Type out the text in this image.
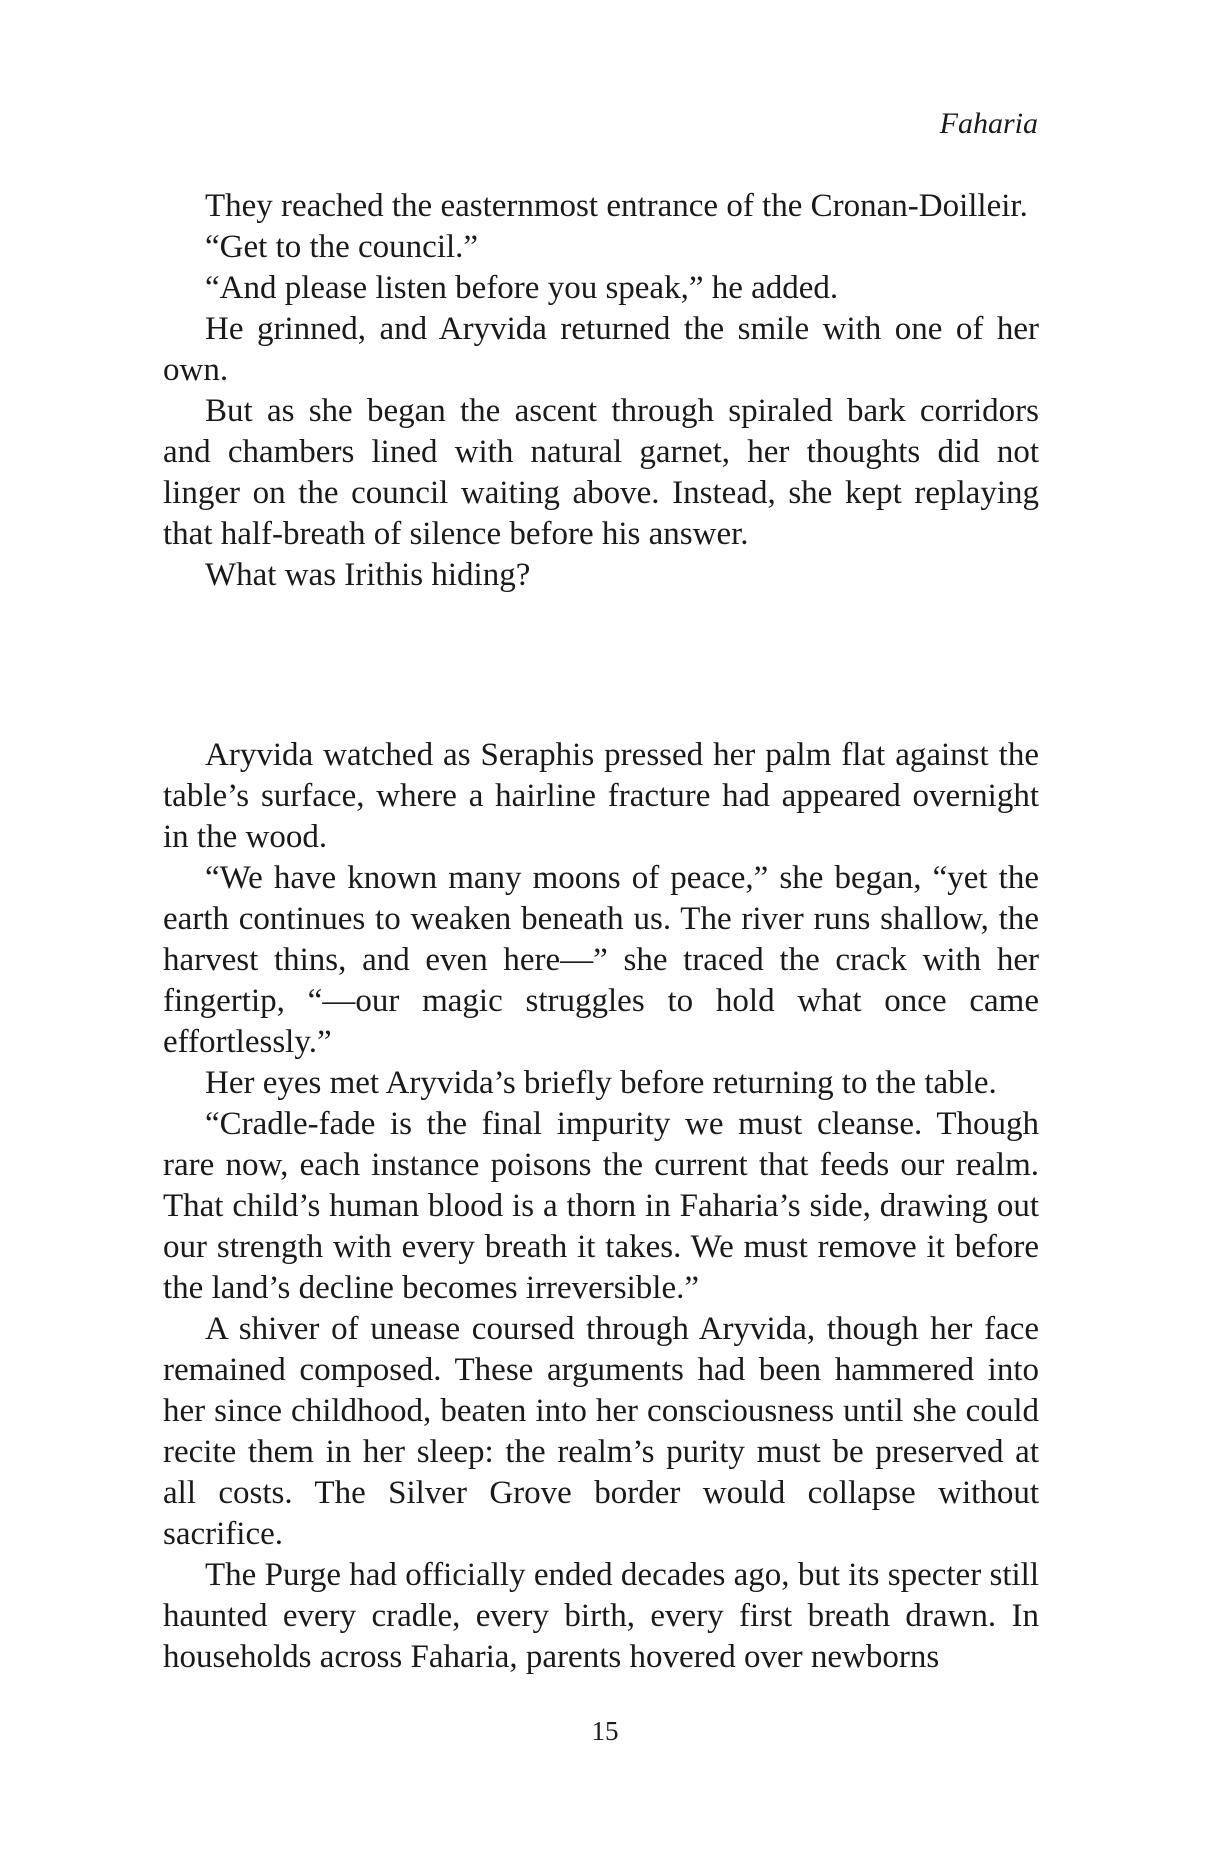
Faharia

They reached the easternmost entrance of the Cronan-Doilleir.

“Get to the council.”

“And please listen before you speak,” he added.

He grinned, and Aryvida returned the smile with one of her own.

But as she began the ascent through spiraled bark corridors and chambers lined with natural garnet, her thoughts did not linger on the council waiting above. Instead, she kept replaying that half-breath of silence before his answer.

What was Irithis hiding?

Aryvida watched as Seraphis pressed her palm flat against the table’s surface, where a hairline fracture had appeared overnight in the wood.

“We have known many moons of peace,” she began, “yet the earth continues to weaken beneath us. The river runs shallow, the harvest thins, and even here—” she traced the crack with her fingertip, “—our magic struggles to hold what once came effortlessly.”

Her eyes met Aryvida’s briefly before returning to the table.

“Cradle-fade is the final impurity we must cleanse. Though rare now, each instance poisons the current that feeds our realm. That child’s human blood is a thorn in Faharia’s side, drawing out our strength with every breath it takes. We must remove it before the land’s decline becomes irreversible.”

A shiver of unease coursed through Aryvida, though her face remained composed. These arguments had been hammered into her since childhood, beaten into her consciousness until she could recite them in her sleep: the realm’s purity must be preserved at all costs. The Silver Grove border would collapse without sacrifice.

The Purge had officially ended decades ago, but its specter still haunted every cradle, every birth, every first breath drawn. In households across Faharia, parents hovered over newborns

15
